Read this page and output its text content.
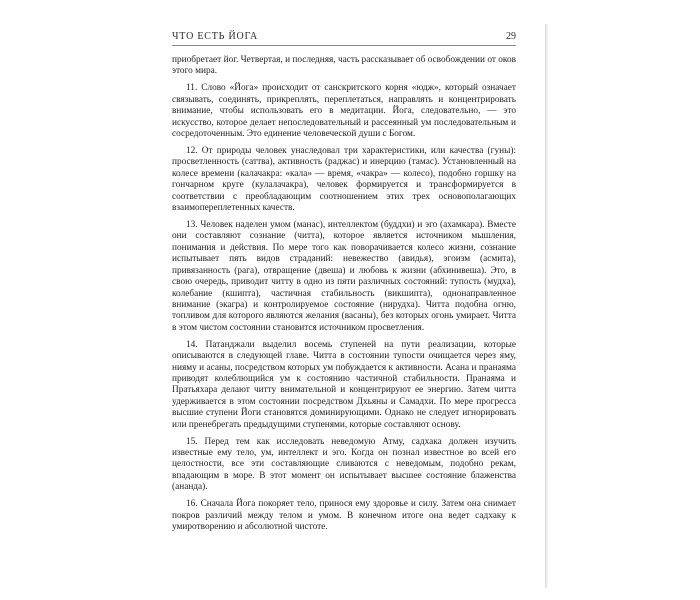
ЧТО ЕСТЬ ЙОГА	29

приобретает йог. Четвертая, и последняя, часть рассказывает об освобождении от оков этого мира.

11. Слово «Йога» происходит от санскритского корня «юдж», который означает связывать, соединять, прикреплять, переплетаться, направлять и концентрировать внимание, чтобы использовать его в медитации. Йога, следовательно, — это искусство, которое делает непоследовательный и рассеянный ум последовательным и сосредоточенным. Это единение человеческой души с Богом.

12. От природы человек унаследовал три характеристики, или качества (гуны): просветленность (саттва), активность (раджас) и инерцию (тамас). Установленный на колесе времени (калачакра: «кала» — время, «чакра» — колесо), подобно горшку на гончарном круге (кулалачакра), человек формируется и трансформируется в соответствии с преобладающим соотношением этих трех основополагающих взаимопереплетенных качеств.

13. Человек наделен умом (манас), интеллектом (буддхи) и эго (ахамкара). Вместе они составляют сознание (читта), которое является источником мышления, понимания и действия. По мере того как поворачивается колесо жизни, сознание испытывает пять видов страданий: невежество (авидья), эгоизм (асмита), привязанность (рага), отвращение (двеша) и любовь к жизни (абхинивеша). Это, в свою очередь, приводит читту в одно из пяти различных состояний: тупость (мудха), колебание (кшипта), частичная стабильность (викшипта), однонаправленное внимание (экагра) и контролируемое состояние (нирудха). Читта подобна огню, топливом для которого являются желания (васаны), без которых огонь умирает. Читта в этом чистом состоянии становится источником просветления.

14. Патанджали выделил восемь ступеней на пути реализации, которые описываются в следующей главе. Читта в состоянии тупости очищается через яму, нияму и асаны, посредством которых ум побуждается к активности. Асана и пранаяма приводят колеблющийся ум к состоянию частичной стабильности. Пранаяма и Пратьяхара делают читту внимательной и концентрируют ее энергию. Затем читта удерживается в этом состоянии посредством Дхьяны и Самадхи. По мере прогресса высшие ступени Йоги становятся доминирующими. Однако не следует игнорировать или пренебрегать предыдущими ступенями, которые составляют основу.

15. Перед тем как исследовать неведомую Атму, садхака должен изучить известные ему тело, ум, интеллект и эго. Когда он познал известное во всей его целостности, все эти составляющие сливаются с неведомым, подобно рекам, впадающим в море. В этот момент он испытывает высшее состояние блаженства (ананда).

16. Сначала Йога покоряет тело, принося ему здоровье и силу. Затем она снимает покров различий между телом и умом. В конечном итоге она ведет садхаку к умиротворению и абсолютной чистоте.
